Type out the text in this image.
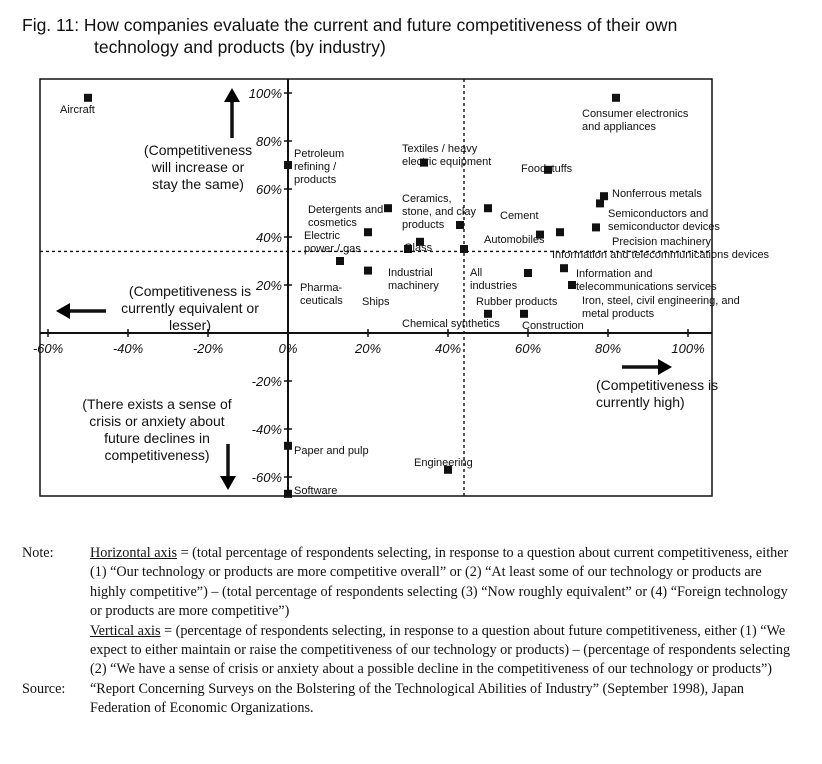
Fig. 11: How companies evaluate the current and future competitiveness of their own
technology and products (by industry)
-60%	-40%	-20%	0%	20%	40%	60%	80%	100%
-60%
-40%
-20%
20%
40%
60%
80%
100%
Aircraft	Consumer electronics and appliances
Petroleum refining / products
Textiles / heavy electric equipment
Foodstuffs
Nonferrous metals
Semiconductors and semiconductor devices
Detergents and cosmetics
Ceramics, stone, and clay products
Cement
Electric power / gas
Precision machinery
Automobiles
Information and telecommunications devices
Glass
Industrial machinery
All industries
Pharma-ceuticals Ships	Rubber products
Information and telecommunications services
Iron, steel, civil engineering, and metal products
Chemical synthetics Construction
Paper and pulp
Engineering
Software
(Competitiveness will increase or stay the same)
(Competitiveness is currently equivalent or lesser)
(Competitiveness is currently high)
(There exists a sense of crisis or anxiety about future declines in competitiveness)
Note:	Horizontal axis = (total percentage of respondents selecting, in response to a question about current competitiveness, either (1) “Our technology or products are more competitive overall” or (2) “At least some of our technology or products are highly competitive”) – (total percentage of respondents selecting (3) “Now roughly equivalent” or (4) “Foreign technology or products are more competitive”)
Vertical axis = (percentage of respondents selecting, in response to a question about future competitiveness, either (1) “We expect to either maintain or raise the competitiveness of our technology or products) – (percentage of respondents selecting (2) “We have a sense of crisis or anxiety about a possible decline in the competitiveness of our technology or products”)
Source:	“Report Concerning Surveys on the Bolstering of the Technological Abilities of Industry” (September 1998), Japan Federation of Economic Organizations.
